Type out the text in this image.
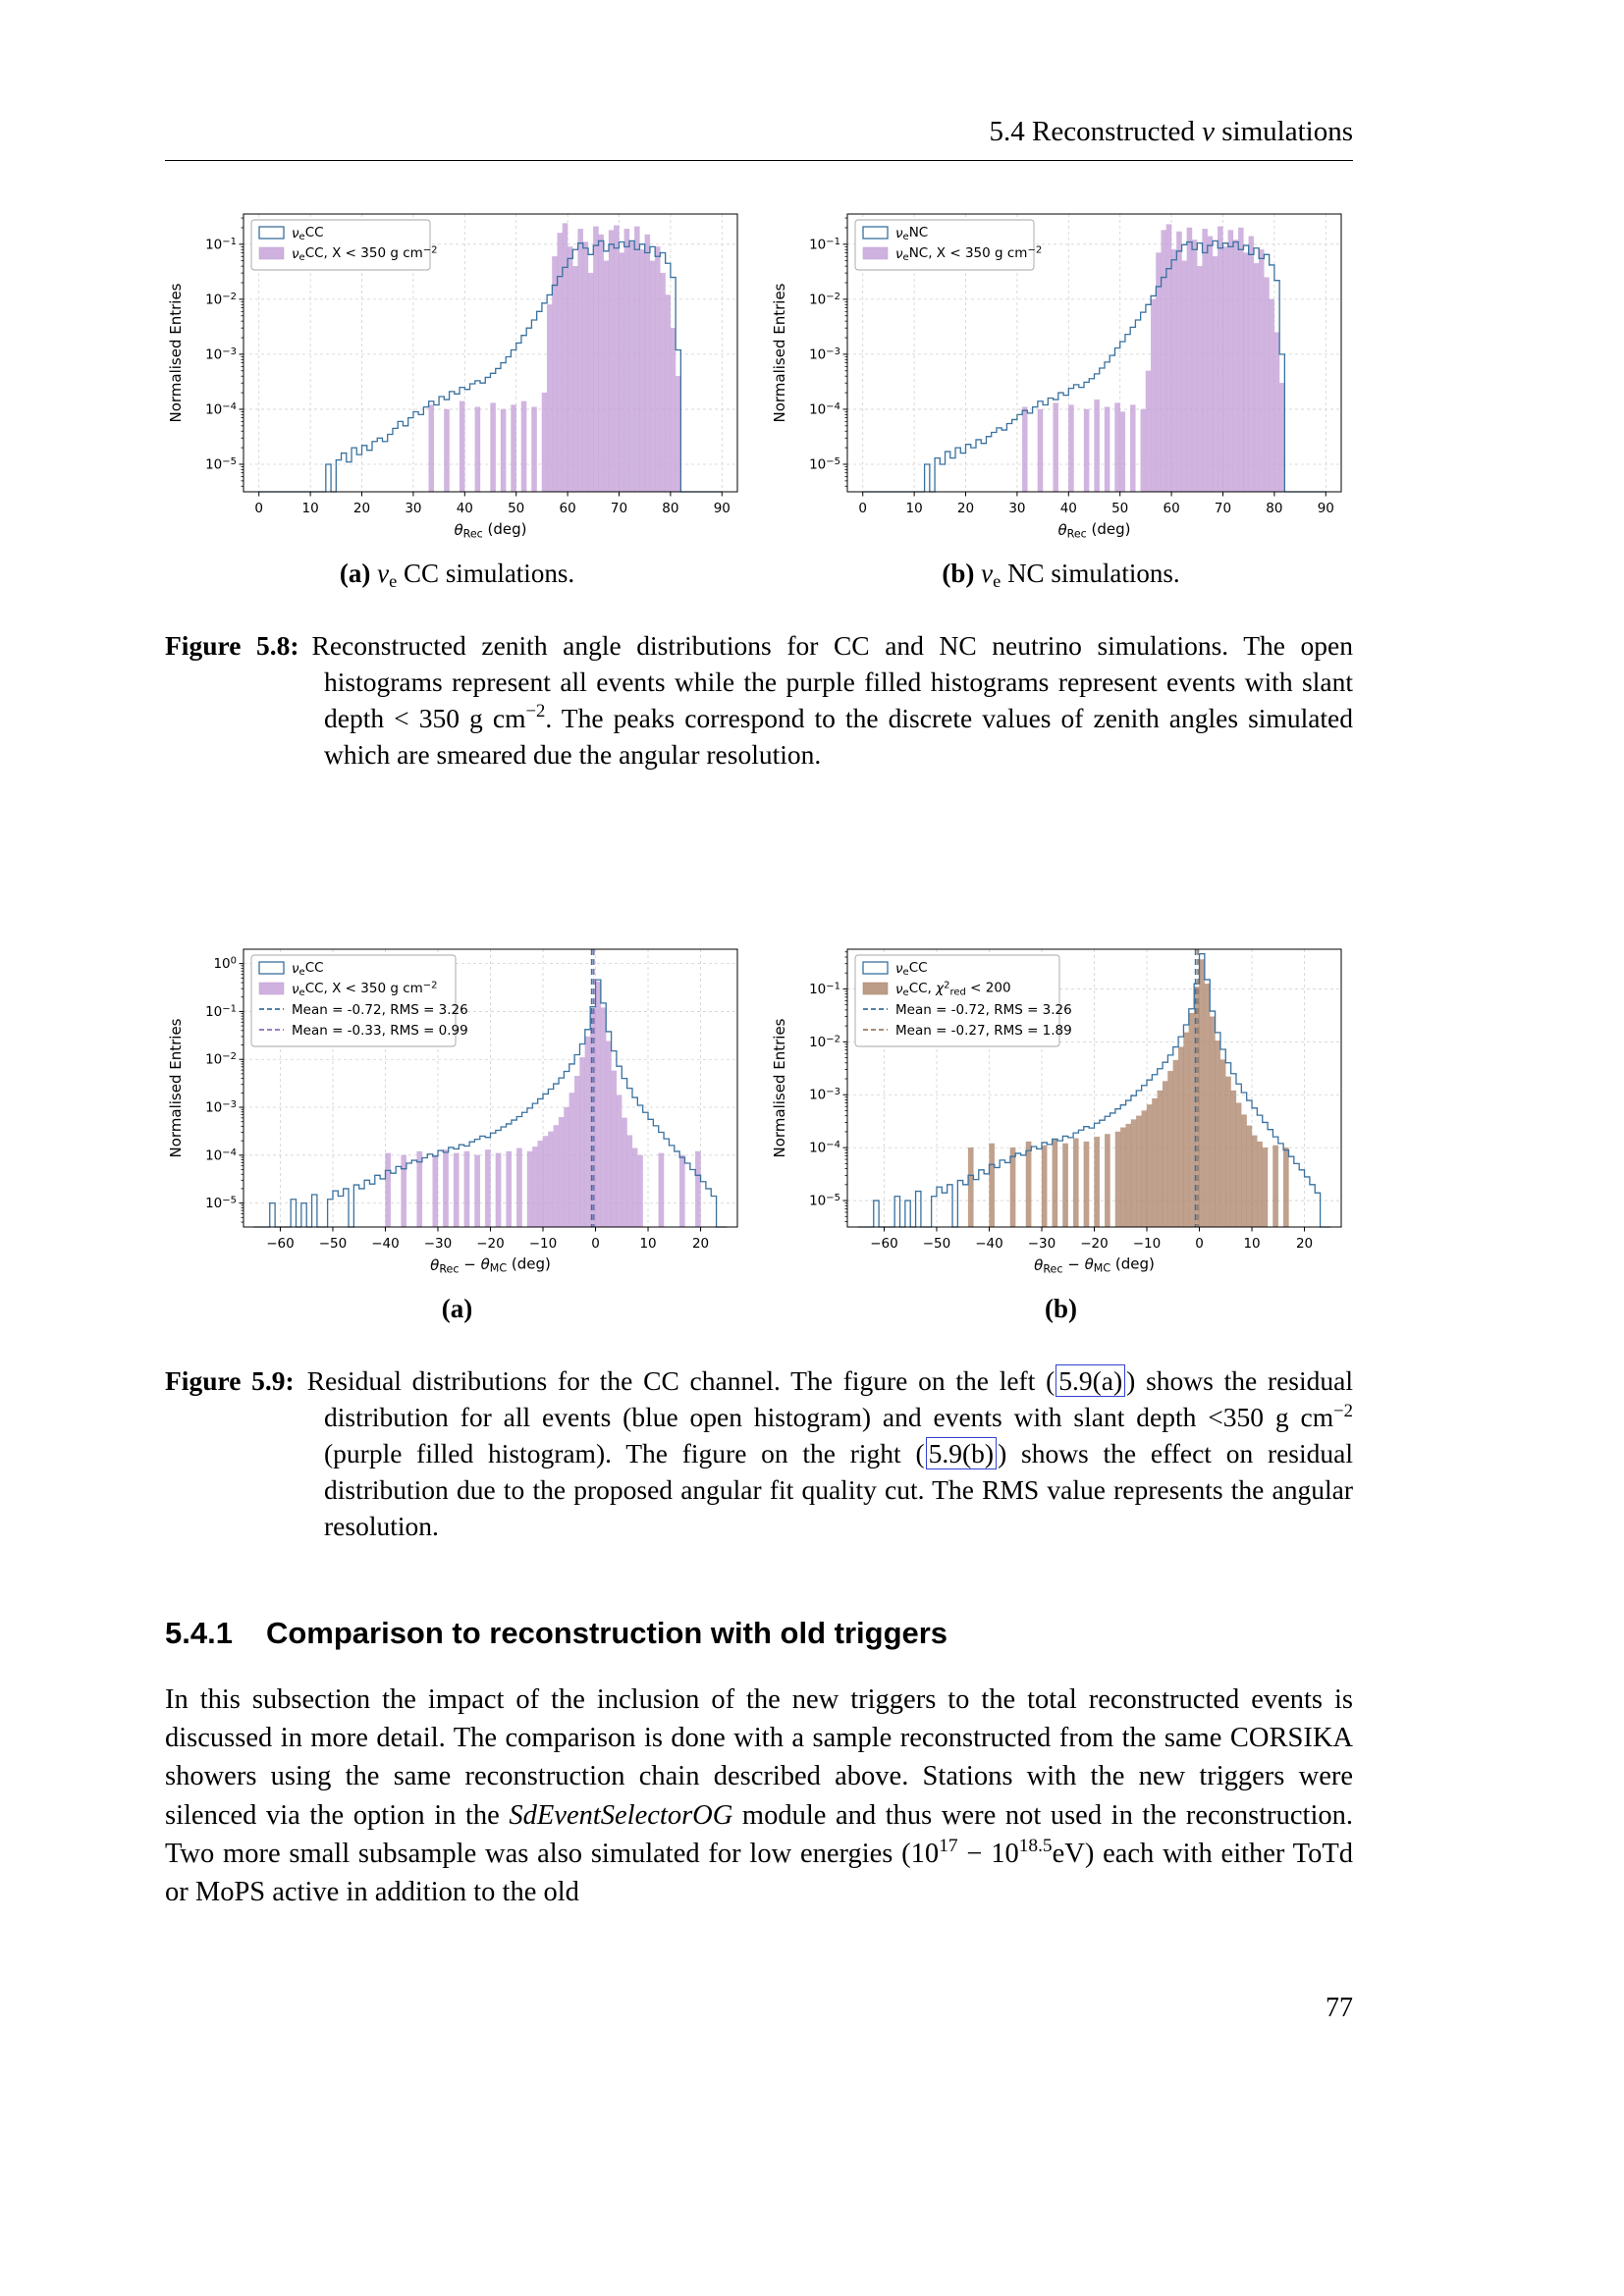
5.4 Reconstructed ν simulations
0	10	20	30	40	50	60	70	80	90
$10^{-1}$
$10^{-2}$
$10^{-3}$
$10^{-4}$
$10^{-5}$
θRec (deg)
Normalised Entries
νeCC
νeCC, X < 350 g $cm^{-2}$
0	10	20	30	40	50	60	70	80	90
$10^{-1}$
$10^{-2}$
$10^{-3}$
$10^{-4}$
$10^{-5}$
θRec (deg)
Normalised Entries
νeNC
νeNC, X < 350 g $cm^{-2}$
(a) νe CC simulations.	(b) νe NC simulations.
Figure 5.8: Reconstructed zenith angle distributions for CC and NC neutrino simulations. The open histograms represent all events while the purple filled histograms represent events with slant depth < 350 g $cm^{-2}$. The peaks correspond to the discrete values of zenith angles simulated which are smeared due the angular resolution.
−60 −50 −40 −30 −20 −10	0	10	20
$10^0$
$10^{-1}$
$10^{-2}$
$10^{-3}$
$10^{-4}$
$10^{-5}$
θRec − θMC (deg)
Normalised Entries
νeCC
νeCC, X < 350 g $cm^{-2}$
Mean = -0.72, RMS = 3.26
Mean = -0.33, RMS = 0.99
−60 −50 −40 −30 −20 −10	0	10	20
$10^{-1}$
$10^{-2}$
$10^{-3}$
$10^{-4}$
$10^{-5}$
θRec − θMC (deg)
Normalised Entries
νeCC
νeCC, $\chi^2_{red} < 200$
Mean = -0.72, RMS = 3.26
Mean = -0.27, RMS = 1.89
(a)	(b)
Figure 5.9: Residual distributions for the CC channel. The figure on the left ( 5.9(a) ) shows the residual distribution for all events (blue open histogram) and events with slant depth <350 g $cm^{-2}$ (purple filled histogram). The figure on the right ( 5.9(b) ) shows the effect on residual distribution due to the proposed angular fit quality cut. The RMS value represents the angular resolution.
5.4.1 Comparison to reconstruction with old triggers

In this subsection the impact of the inclusion of the new triggers to the total reconstructed events is discussed in more detail. The comparison is done with a sample reconstructed from the same CORSIKA showers using the same reconstruction chain described above. Stations with the new triggers were silenced via the option in the SdEventSelectorOG module and thus were not used in the reconstruction. Two more small subsample was also simulated for low energies $(10^{17} - 10^{18.5}eV)$ each with either ToTd or MoPS active in addition to the old

77
